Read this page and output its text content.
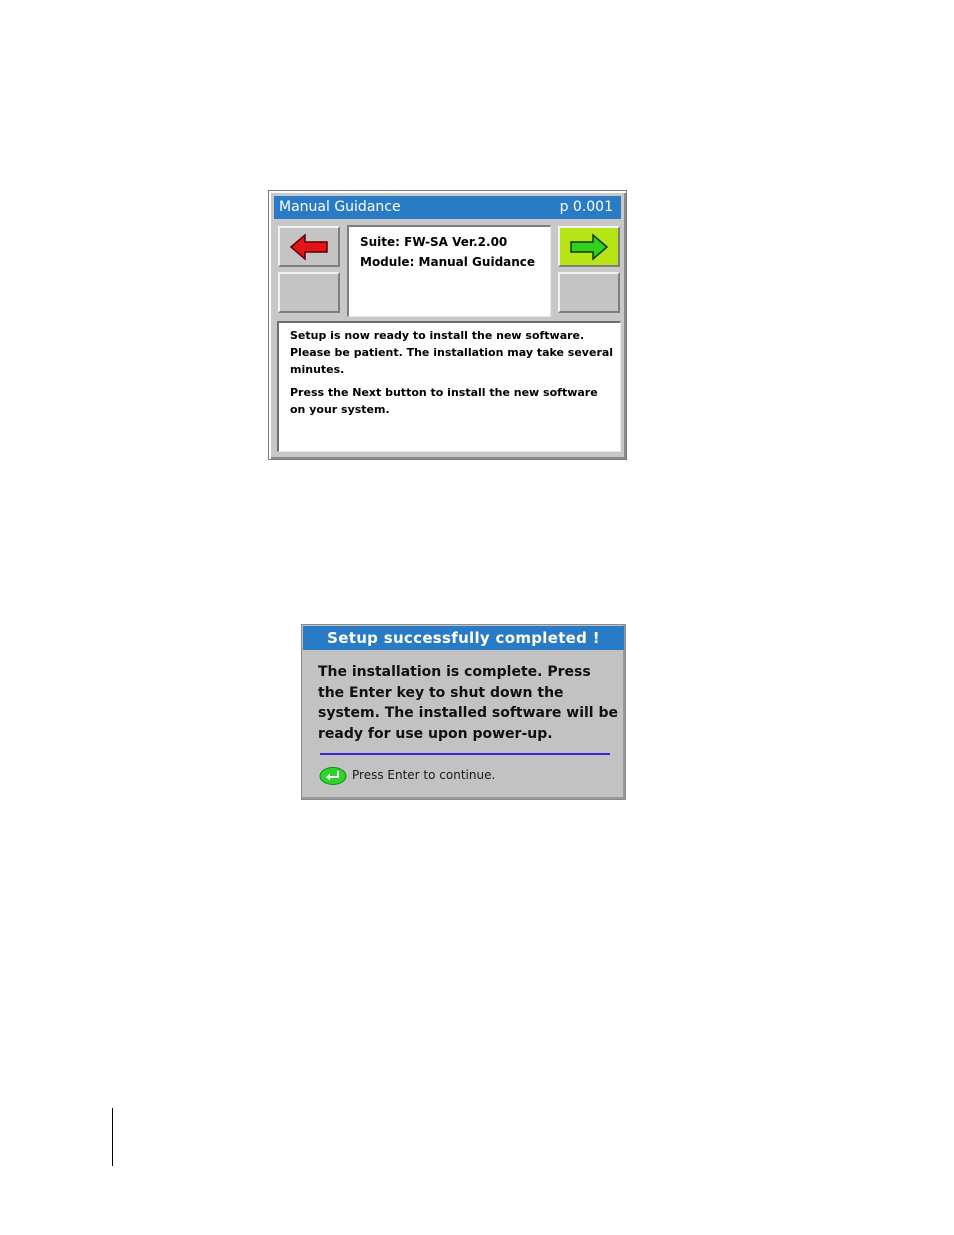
Manual Guidance	p 0.001
Suite: FW-SA Ver.2.00
Module: Manual Guidance

Setup is now ready to install the new software. Please be patient. The installation may take several minutes.

Press the Next button to install the new software on your system.

Setup successfully completed !
The installation is complete. Press the Enter key to shut down the system. The installed software will be ready for use upon power-up.
Press Enter to continue.
